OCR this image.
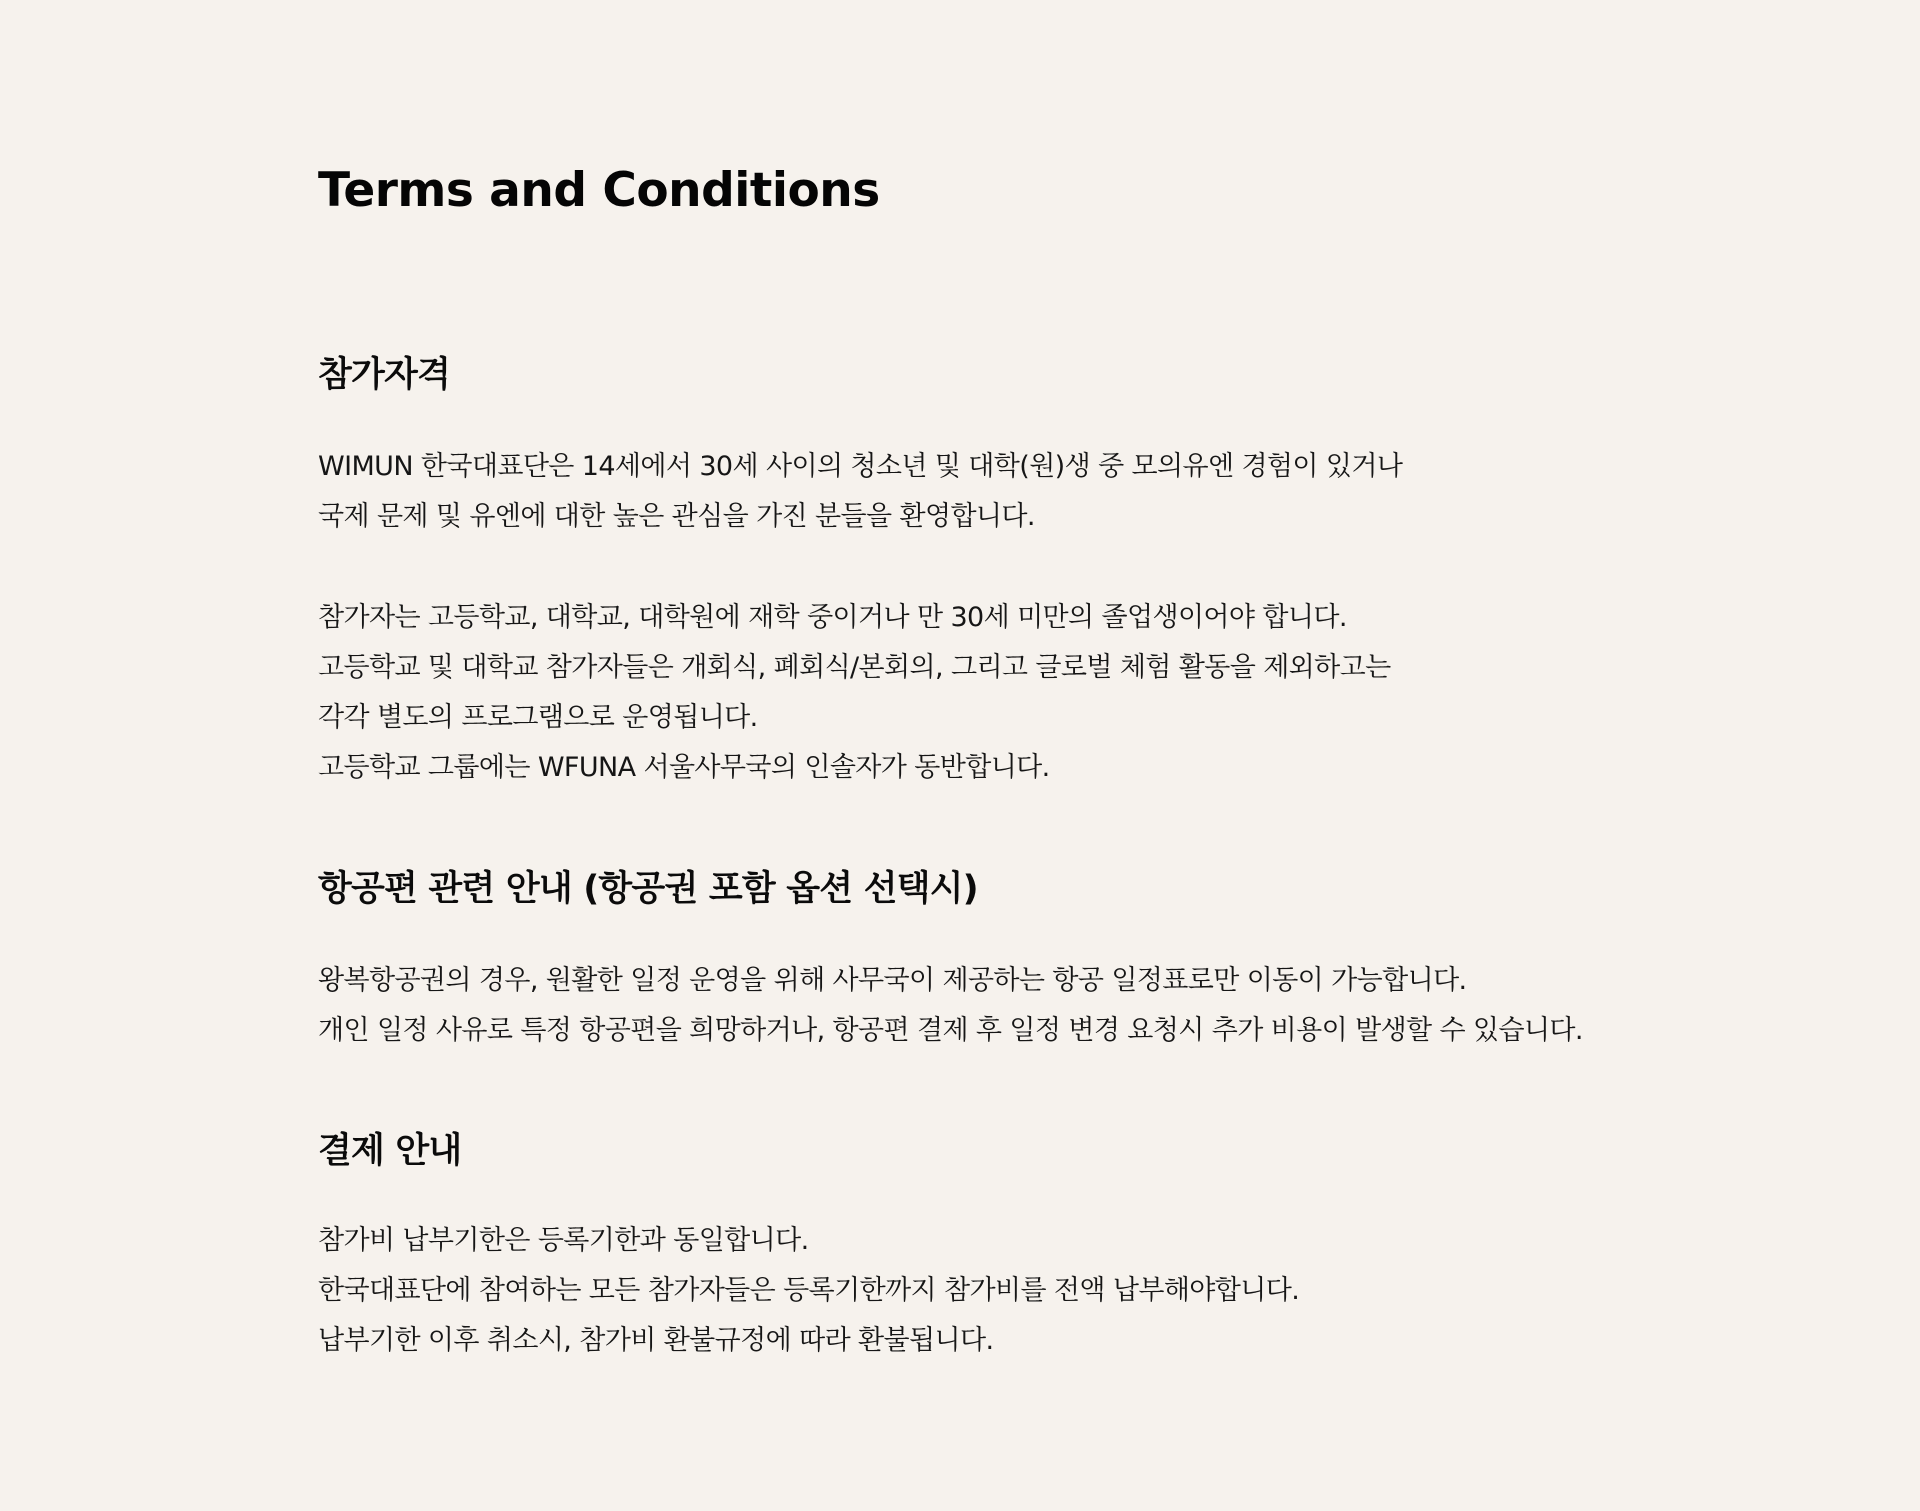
Terms and Conditions
참가자격

WIMUN 한국대표단은 14세에서 30세 사이의 청소년 및 대학(원)생 중 모의유엔 경험이 있거나
국제 문제 및 유엔에 대한 높은 관심을 가진 분들을 환영합니다.

참가자는 고등학교, 대학교, 대학원에 재학 중이거나 만 30세 미만의 졸업생이어야 합니다.
고등학교 및 대학교 참가자들은 개회식, 폐회식/본회의, 그리고 글로벌 체험 활동을 제외하고는
각각 별도의 프로그램으로 운영됩니다.
고등학교 그룹에는 WFUNA 서울사무국의 인솔자가 동반합니다.

항공편 관련 안내 (항공권 포함 옵션 선택시)

왕복항공권의 경우, 원활한 일정 운영을 위해 사무국이 제공하는 항공 일정표로만 이동이 가능합니다.
개인 일정 사유로 특정 항공편을 희망하거나, 항공편 결제 후 일정 변경 요청시 추가 비용이 발생할 수 있습니다.

결제 안내

참가비 납부기한은 등록기한과 동일합니다.
한국대표단에 참여하는 모든 참가자들은 등록기한까지 참가비를 전액 납부해야합니다.
납부기한 이후 취소시, 참가비 환불규정에 따라 환불됩니다.
